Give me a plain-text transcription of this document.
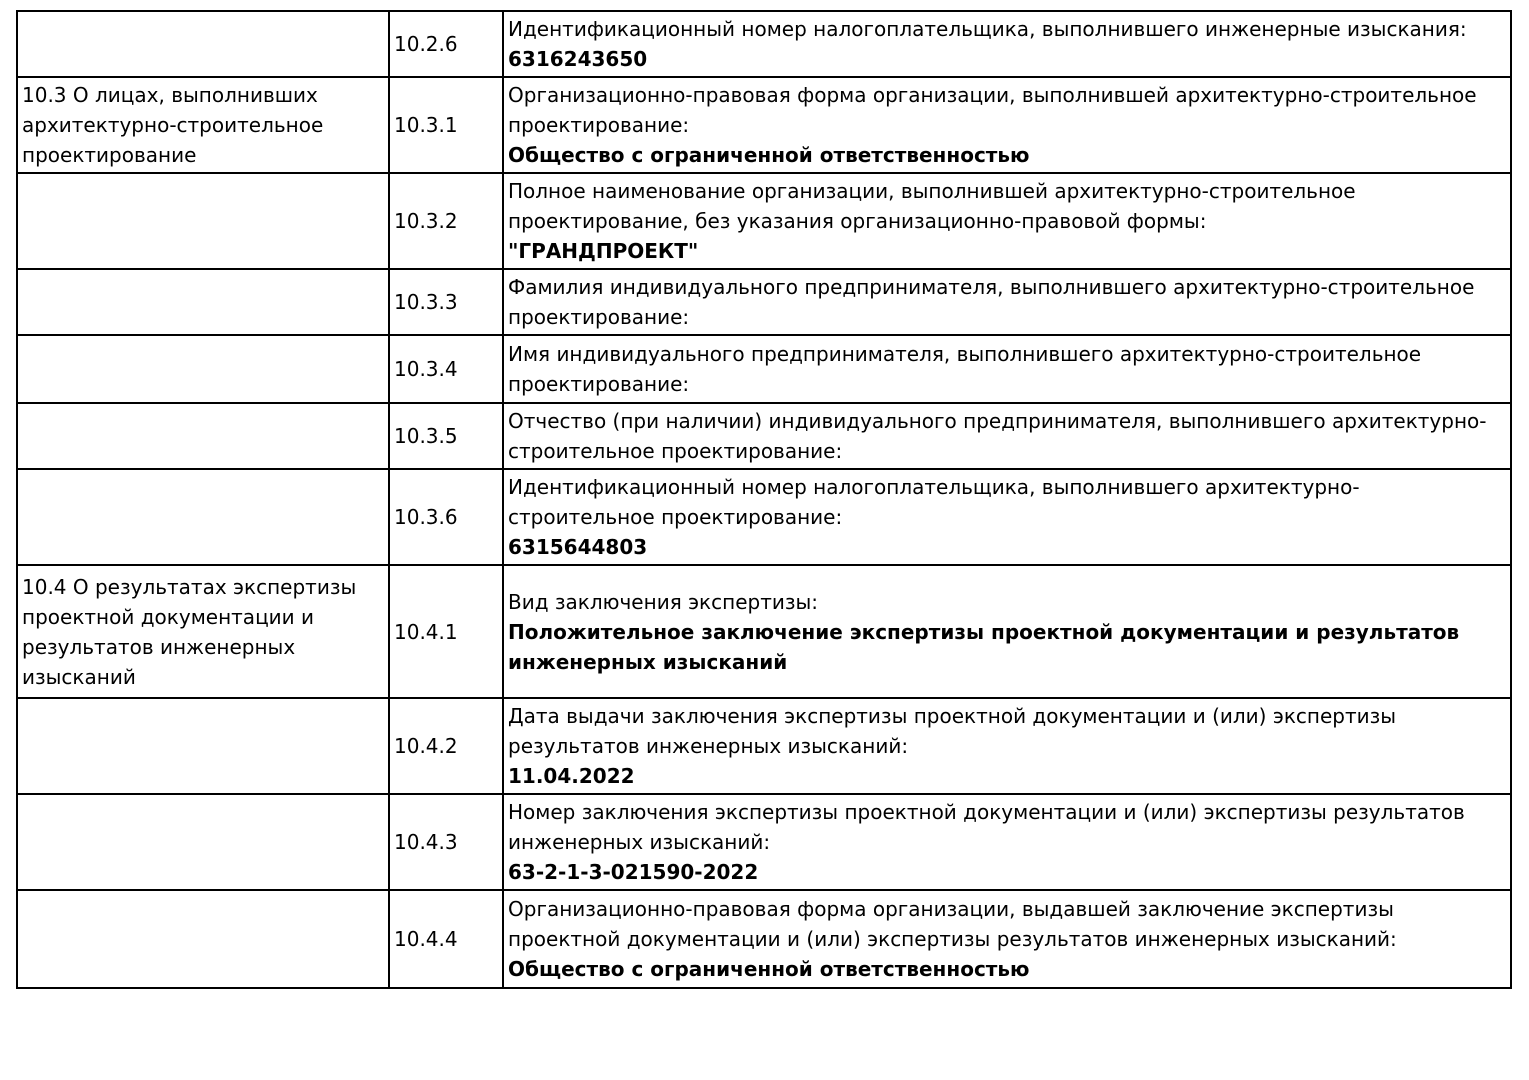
	10.2.6	Идентификационный номер налогоплательщика, выполнившего инженерные изыскания:
6316243650

10.3 О лицах, выполнивших архитектурно-строительное проектирование	10.3.1	Организационно-правовая форма организации, выполнившей архитектурно-строительное проектирование:
Общество с ограниченной ответственностью

	10.3.2	Полное наименование организации, выполнившей архитектурно-строительное проектирование, без указания организационно-правовой формы:
"ГРАНДПРОЕКТ"

	10.3.3	Фамилия индивидуального предпринимателя, выполнившего архитектурно-строительное проектирование:

	10.3.4	Имя индивидуального предпринимателя, выполнившего архитектурно-строительное проектирование:

	10.3.5	Отчество (при наличии) индивидуального предпринимателя, выполнившего архитектурно-строительное проектирование:

	10.3.6	Идентификационный номер налогоплательщика, выполнившего архитектурно-строительное проектирование:
6315644803

10.4 О результатах экспертизы проектной документации и результатов инженерных изысканий	10.4.1	Вид заключения экспертизы:
Положительное заключение экспертизы проектной документации и результатов инженерных изысканий

	10.4.2	Дата выдачи заключения экспертизы проектной документации и (или) экспертизы результатов инженерных изысканий:
11.04.2022

	10.4.3	Номер заключения экспертизы проектной документации и (или) экспертизы результатов инженерных изысканий:
63-2-1-3-021590-2022

	10.4.4	Организационно-правовая форма организации, выдавшей заключение экспертизы проектной документации и (или) экспертизы результатов инженерных изысканий:
Общество с ограниченной ответственностью
